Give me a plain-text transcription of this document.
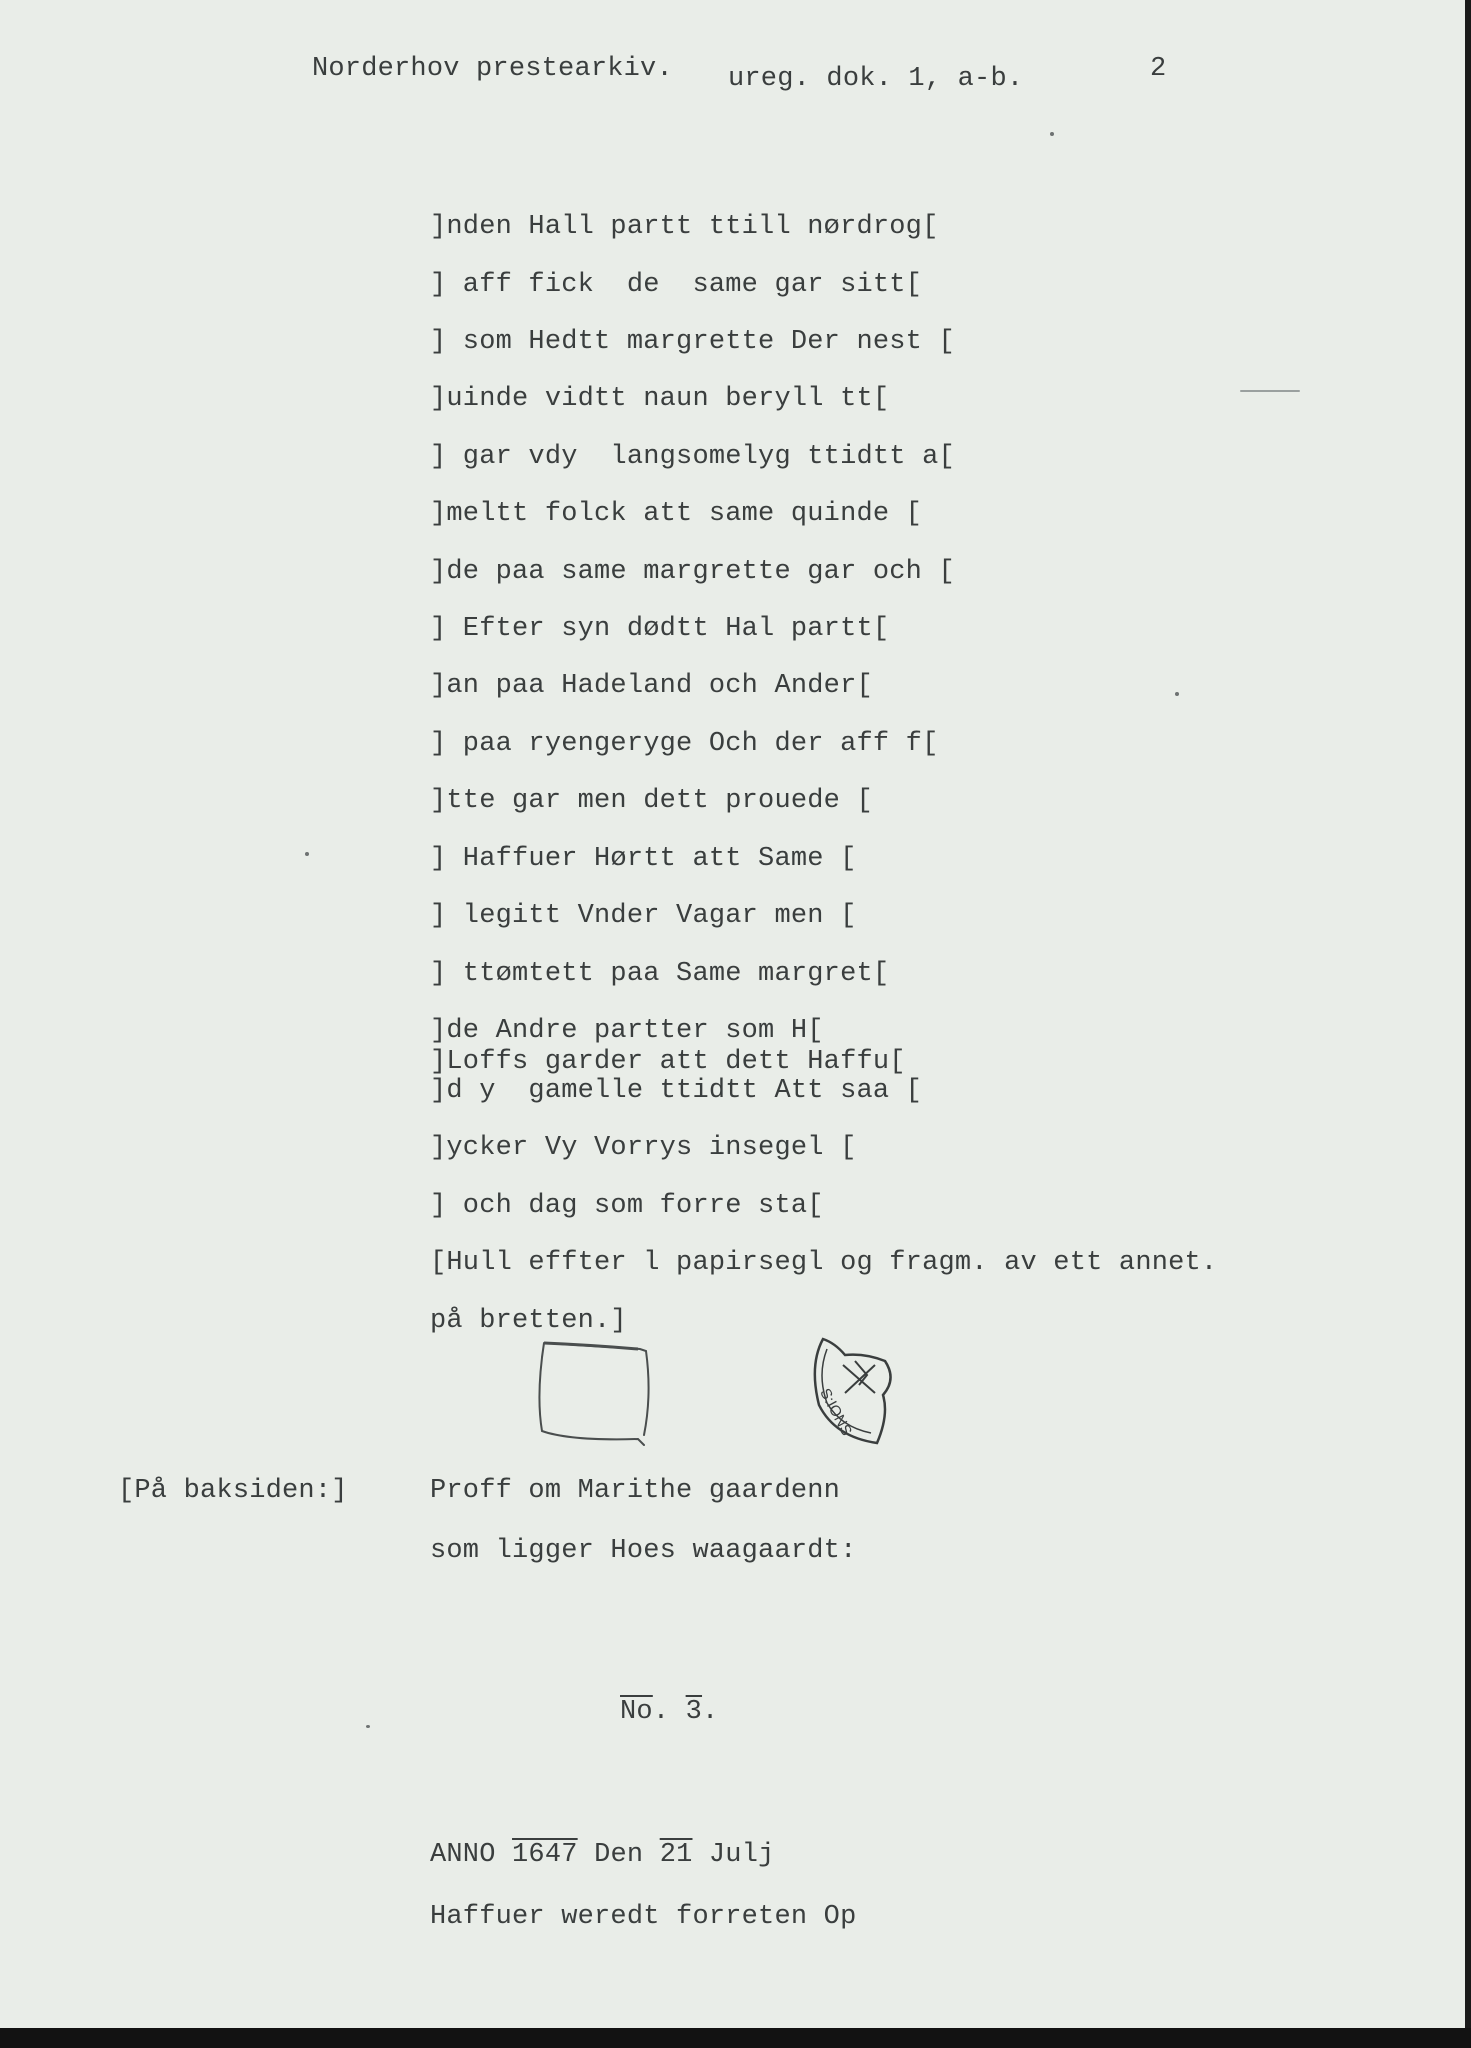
Norderhov prestearkiv. ureg. dok. 1, a-b.	2
]nden Hall partt ttill nørdrog[
] aff fick  de  same gar sitt[
] som Hedtt margrette Der nest [
]uinde vidtt naun beryll tt[
] gar vdy  langsomelyg ttidtt a[
]meltt folck att same quinde [
]de paa same margrette gar och [
] Efter syn dødtt Hal partt[
]an paa Hadeland och Ander[
] paa ryengeryge Och der aff f[
]tte gar men dett prouede [
] Haffuer Hørtt att Same [
] legitt Vnder Vagar men [
] ttømtett paa Same margret[
]de Andre partter som H[
]Loffs garder att dett Haffu[
]d y  gamelle ttidtt Att saa [
]ycker Vy Vorrys insegel [
] och dag som forre sta[
[Hull effter l papirsegl og fragm. av ett annet.
på bretten.]
S:IONS
[På baksiden:]	Proff om Marithe gaardenn
som ligger Hoes waagaardt:
$\overline{No}$. 3.
ANNO 1647 Den 21 Julj
Haffuer weredt forreten Op
